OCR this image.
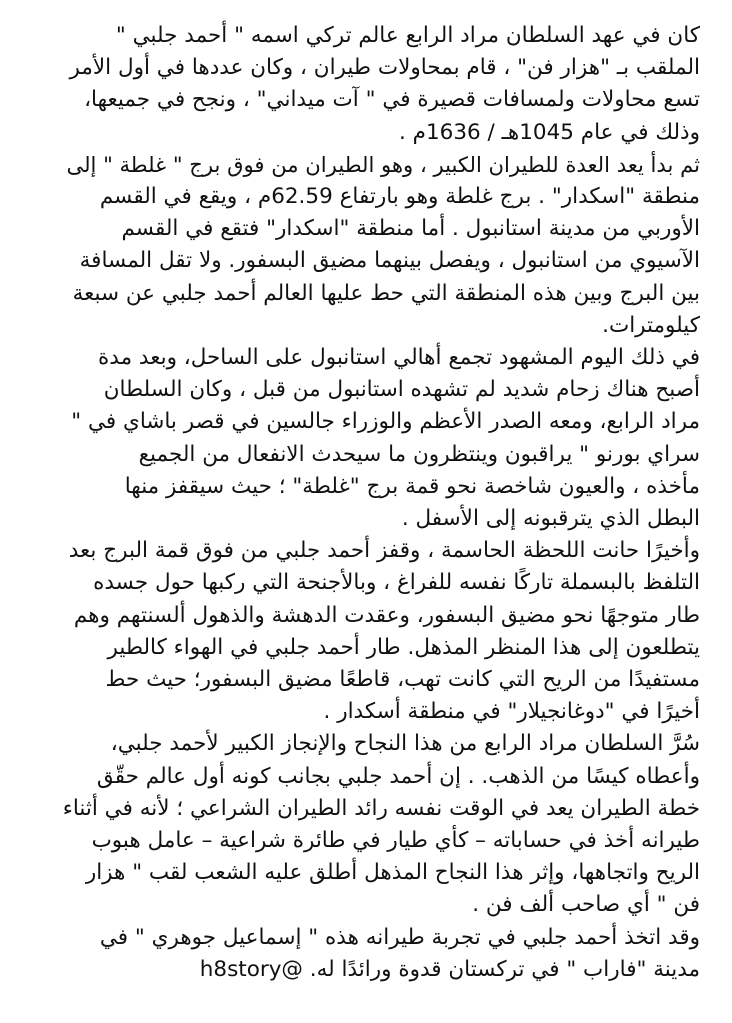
كان في عهد السلطان مراد الرابع عالم تركي اسمه " أحمد جلبي "
الملقب بـ "هزار فن" ، قام بمحاولات طيران ، وكان عددها في أول الأمر
تسع محاولات ولمسافات قصيرة في " آت ميداني" ، ونجح في جميعها،
وذلك في عام 1045هـ / 1636م .

ثم بدأ يعد العدة للطيران الكبير ، وهو الطيران من فوق برج " غلطة " إلى
منطقة "اسكدار" . برج غلطة وهو بارتفاع 62.59م ، ويقع في القسم
الأوربي من مدينة استانبول . أما منطقة "اسكدار" فتقع في القسم
الآسيوي من استانبول ، ويفصل بينهما مضيق البسفور. ولا تقل المسافة
بين البرج وبين هذه المنطقة التي حط عليها العالم أحمد جلبي عن سبعة
كيلومترات.

في ذلك اليوم المشهود تجمع أهالي استانبول على الساحل، وبعد مدة
أصبح هناك زحام شديد لم تشهده استانبول من قبل ، وكان السلطان
مراد الرابع، ومعه الصدر الأعظم والوزراء جالسين في قصر باشاي في "
سراي بورنو " يراقبون وينتظرون ما سيحدث الانفعال من الجميع
مأخذه ، والعيون شاخصة نحو قمة برج "غلطة" ؛ حيث سيقفز منها
البطل الذي يترقبونه إلى الأسفل .

وأخيرًا حانت اللحظة الحاسمة ، وقفز أحمد جلبي من فوق قمة البرج بعد
التلفظ بالبسملة تاركًا نفسه للفراغ ، وبالأجنحة التي ركبها حول جسده
طار متوجهًا نحو مضيق البسفور، وعقدت الدهشة والذهول ألسنتهم وهم
يتطلعون إلى هذا المنظر المذهل. طار أحمد جلبي في الهواء كالطير
مستفيدًا من الريح التي كانت تهب، قاطعًا مضيق البسفور؛ حيث حط
أخيرًا في "دوغانجيلار" في منطقة أسكدار .

سُرَّ السلطان مراد الرابع من هذا النجاح والإنجاز الكبير لأحمد جلبي،
وأعطاه كيسًا من الذهب. . إن أحمد جلبي بجانب كونه أول عالم حقّق
خطة الطيران يعد في الوقت نفسه رائد الطيران الشراعي ؛ لأنه في أثناء
طيرانه أخذ في حساباته – كأي طيار في طائرة شراعية – عامل هبوب
الريح واتجاهها، وإثر هذا النجاح المذهل أطلق عليه الشعب لقب " هزار
فن " أي صاحب ألف فن .

وقد اتخذ أحمد جلبي في تجربة طيرانه هذه " إسماعيل جوهري " في
مدينة "فاراب " في تركستان قدوة ورائدًا له. @h8story
